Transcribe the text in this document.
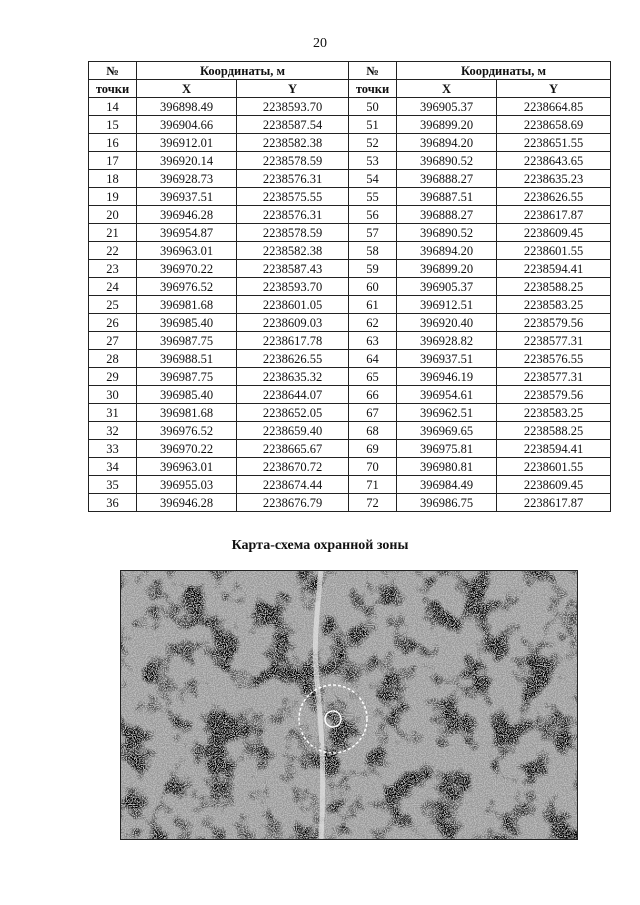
20
№	Координаты, м		№	Координаты, м	
точки	X	Y	точки	X	Y
14	396898.49	2238593.70	50	396905.37	2238664.85
15	396904.66	2238587.54	51	396899.20	2238658.69
16	396912.01	2238582.38	52	396894.20	2238651.55
17	396920.14	2238578.59	53	396890.52	2238643.65
18	396928.73	2238576.31	54	396888.27	2238635.23
19	396937.51	2238575.55	55	396887.51	2238626.55
20	396946.28	2238576.31	56	396888.27	2238617.87
21	396954.87	2238578.59	57	396890.52	2238609.45
22	396963.01	2238582.38	58	396894.20	2238601.55
23	396970.22	2238587.43	59	396899.20	2238594.41
24	396976.52	2238593.70	60	396905.37	2238588.25
25	396981.68	2238601.05	61	396912.51	2238583.25
26	396985.40	2238609.03	62	396920.40	2238579.56
27	396987.75	2238617.78	63	396928.82	2238577.31
28	396988.51	2238626.55	64	396937.51	2238576.55
29	396987.75	2238635.32	65	396946.19	2238577.31
30	396985.40	2238644.07	66	396954.61	2238579.56
31	396981.68	2238652.05	67	396962.51	2238583.25
32	396976.52	2238659.40	68	396969.65	2238588.25
33	396970.22	2238665.67	69	396975.81	2238594.41
34	396963.01	2238670.72	70	396980.81	2238601.55
35	396955.03	2238674.44	71	396984.49	2238609.45
36	396946.28	2238676.79	72	396986.75	2238617.87
Карта-схема охранной зоны
27 50
69
15
88
45
36
53
12 6
